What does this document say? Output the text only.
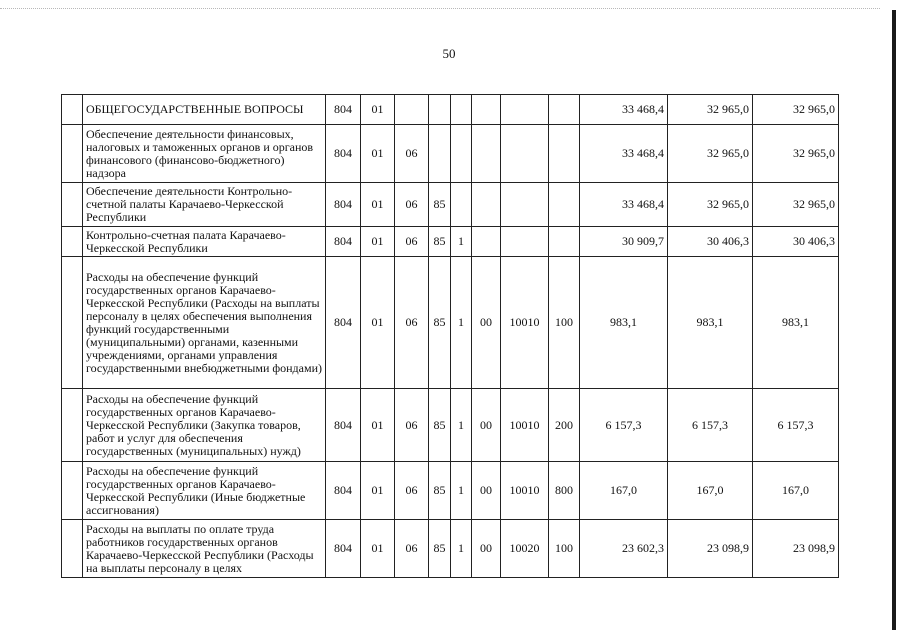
50
	ОБЩЕГОСУДАРСТВЕННЫЕ ВОПРОСЫ	804	01							33 468,4	32 965,0	32 965,0
	Обеспечение деятельности финансовых, налоговых и таможенных органов и органов финансового (финансово-бюджетного) надзора	804	01	06						33 468,4	32 965,0	32 965,0
	Обеспечение деятельности Контрольно-счетной палаты Карачаево-Черкесской Республики	804	01	06	85					33 468,4	32 965,0	32 965,0
	Контрольно-счетная палата Карачаево-Черкесской Республики	804	01	06	85	1				30 909,7	30 406,3	30 406,3
	Расходы на обеспечение функций государственных органов Карачаево-Черкесской Республики (Расходы на выплаты персоналу в целях обеспечения выполнения функций государственными (муниципальными) органами, казенными учреждениями, органами управления государственными внебюджетными фондами)	804	01	06	85	1	00	10010	100	983,1	983,1	983,1
	Расходы на обеспечение функций государственных органов Карачаево-Черкесской Республики (Закупка товаров, работ и услуг для обеспечения государственных (муниципальных) нужд)	804	01	06	85	1	00	10010	200	6 157,3	6 157,3	6 157,3
	Расходы на обеспечение функций государственных органов Карачаево-Черкесской Республики (Иные бюджетные ассигнования)	804	01	06	85	1	00	10010	800	167,0	167,0	167,0
	Расходы на выплаты по оплате труда работников государственных органов Карачаево-Черкесской Республики (Расходы на выплаты персоналу в целях	804	01	06	85	1	00	10020	100	23 602,3	23 098,9	23 098,9
